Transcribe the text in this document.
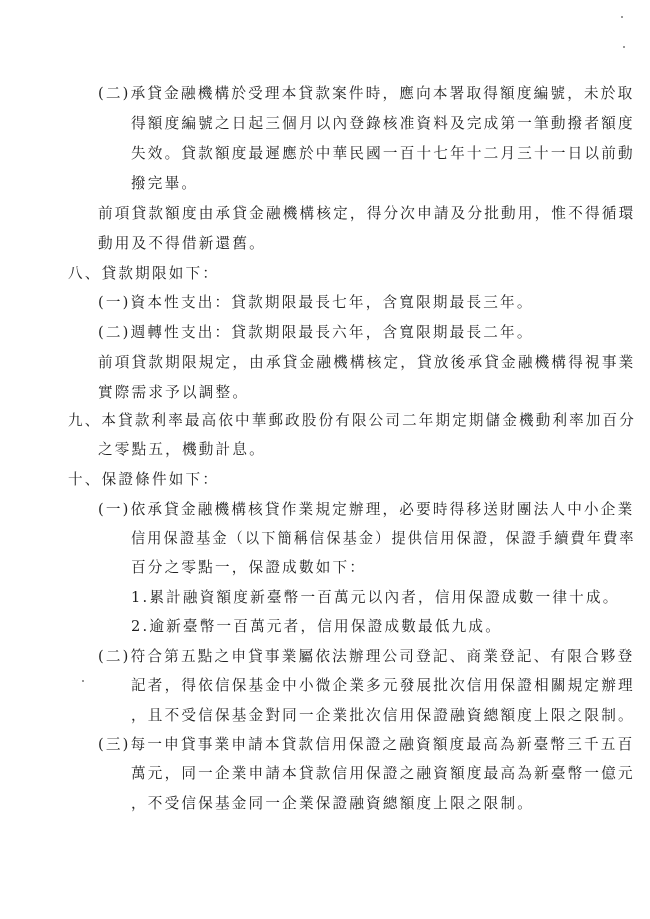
(二)承貸金融機構於受理本貸款案件時，應向本署取得額度編號，未於取

得額度編號之日起三個月以內登錄核准資料及完成第一筆動撥者額度

失效。貸款額度最遲應於中華民國一百十七年十二月三十一日以前動

撥完畢。

前項貸款額度由承貸金融機構核定，得分次申請及分批動用，惟不得循環

動用及不得借新還舊。

八、貸款期限如下：

(一)資本性支出：貸款期限最長七年，含寬限期最長三年。

(二)週轉性支出：貸款期限最長六年，含寬限期最長二年。

前項貸款期限規定，由承貸金融機構核定，貸放後承貸金融機構得視事業

實際需求予以調整。

九、本貸款利率最高依中華郵政股份有限公司二年期定期儲金機動利率加百分

之零點五，機動計息。

十、保證條件如下：

(一)依承貸金融機構核貸作業規定辦理，必要時得移送財團法人中小企業

信用保證基金（以下簡稱信保基金）提供信用保證，保證手續費年費率

百分之零點一，保證成數如下：

1.累計融資額度新臺幣一百萬元以內者，信用保證成數一律十成。

2.逾新臺幣一百萬元者，信用保證成數最低九成。

(二)符合第五點之申貸事業屬依法辦理公司登記、商業登記、有限合夥登

記者，得依信保基金中小微企業多元發展批次信用保證相關規定辦理

，且不受信保基金對同一企業批次信用保證融資總額度上限之限制。

(三)每一申貸事業申請本貸款信用保證之融資額度最高為新臺幣三千五百

萬元，同一企業申請本貸款信用保證之融資額度最高為新臺幣一億元

，不受信保基金同一企業保證融資總額度上限之限制。
